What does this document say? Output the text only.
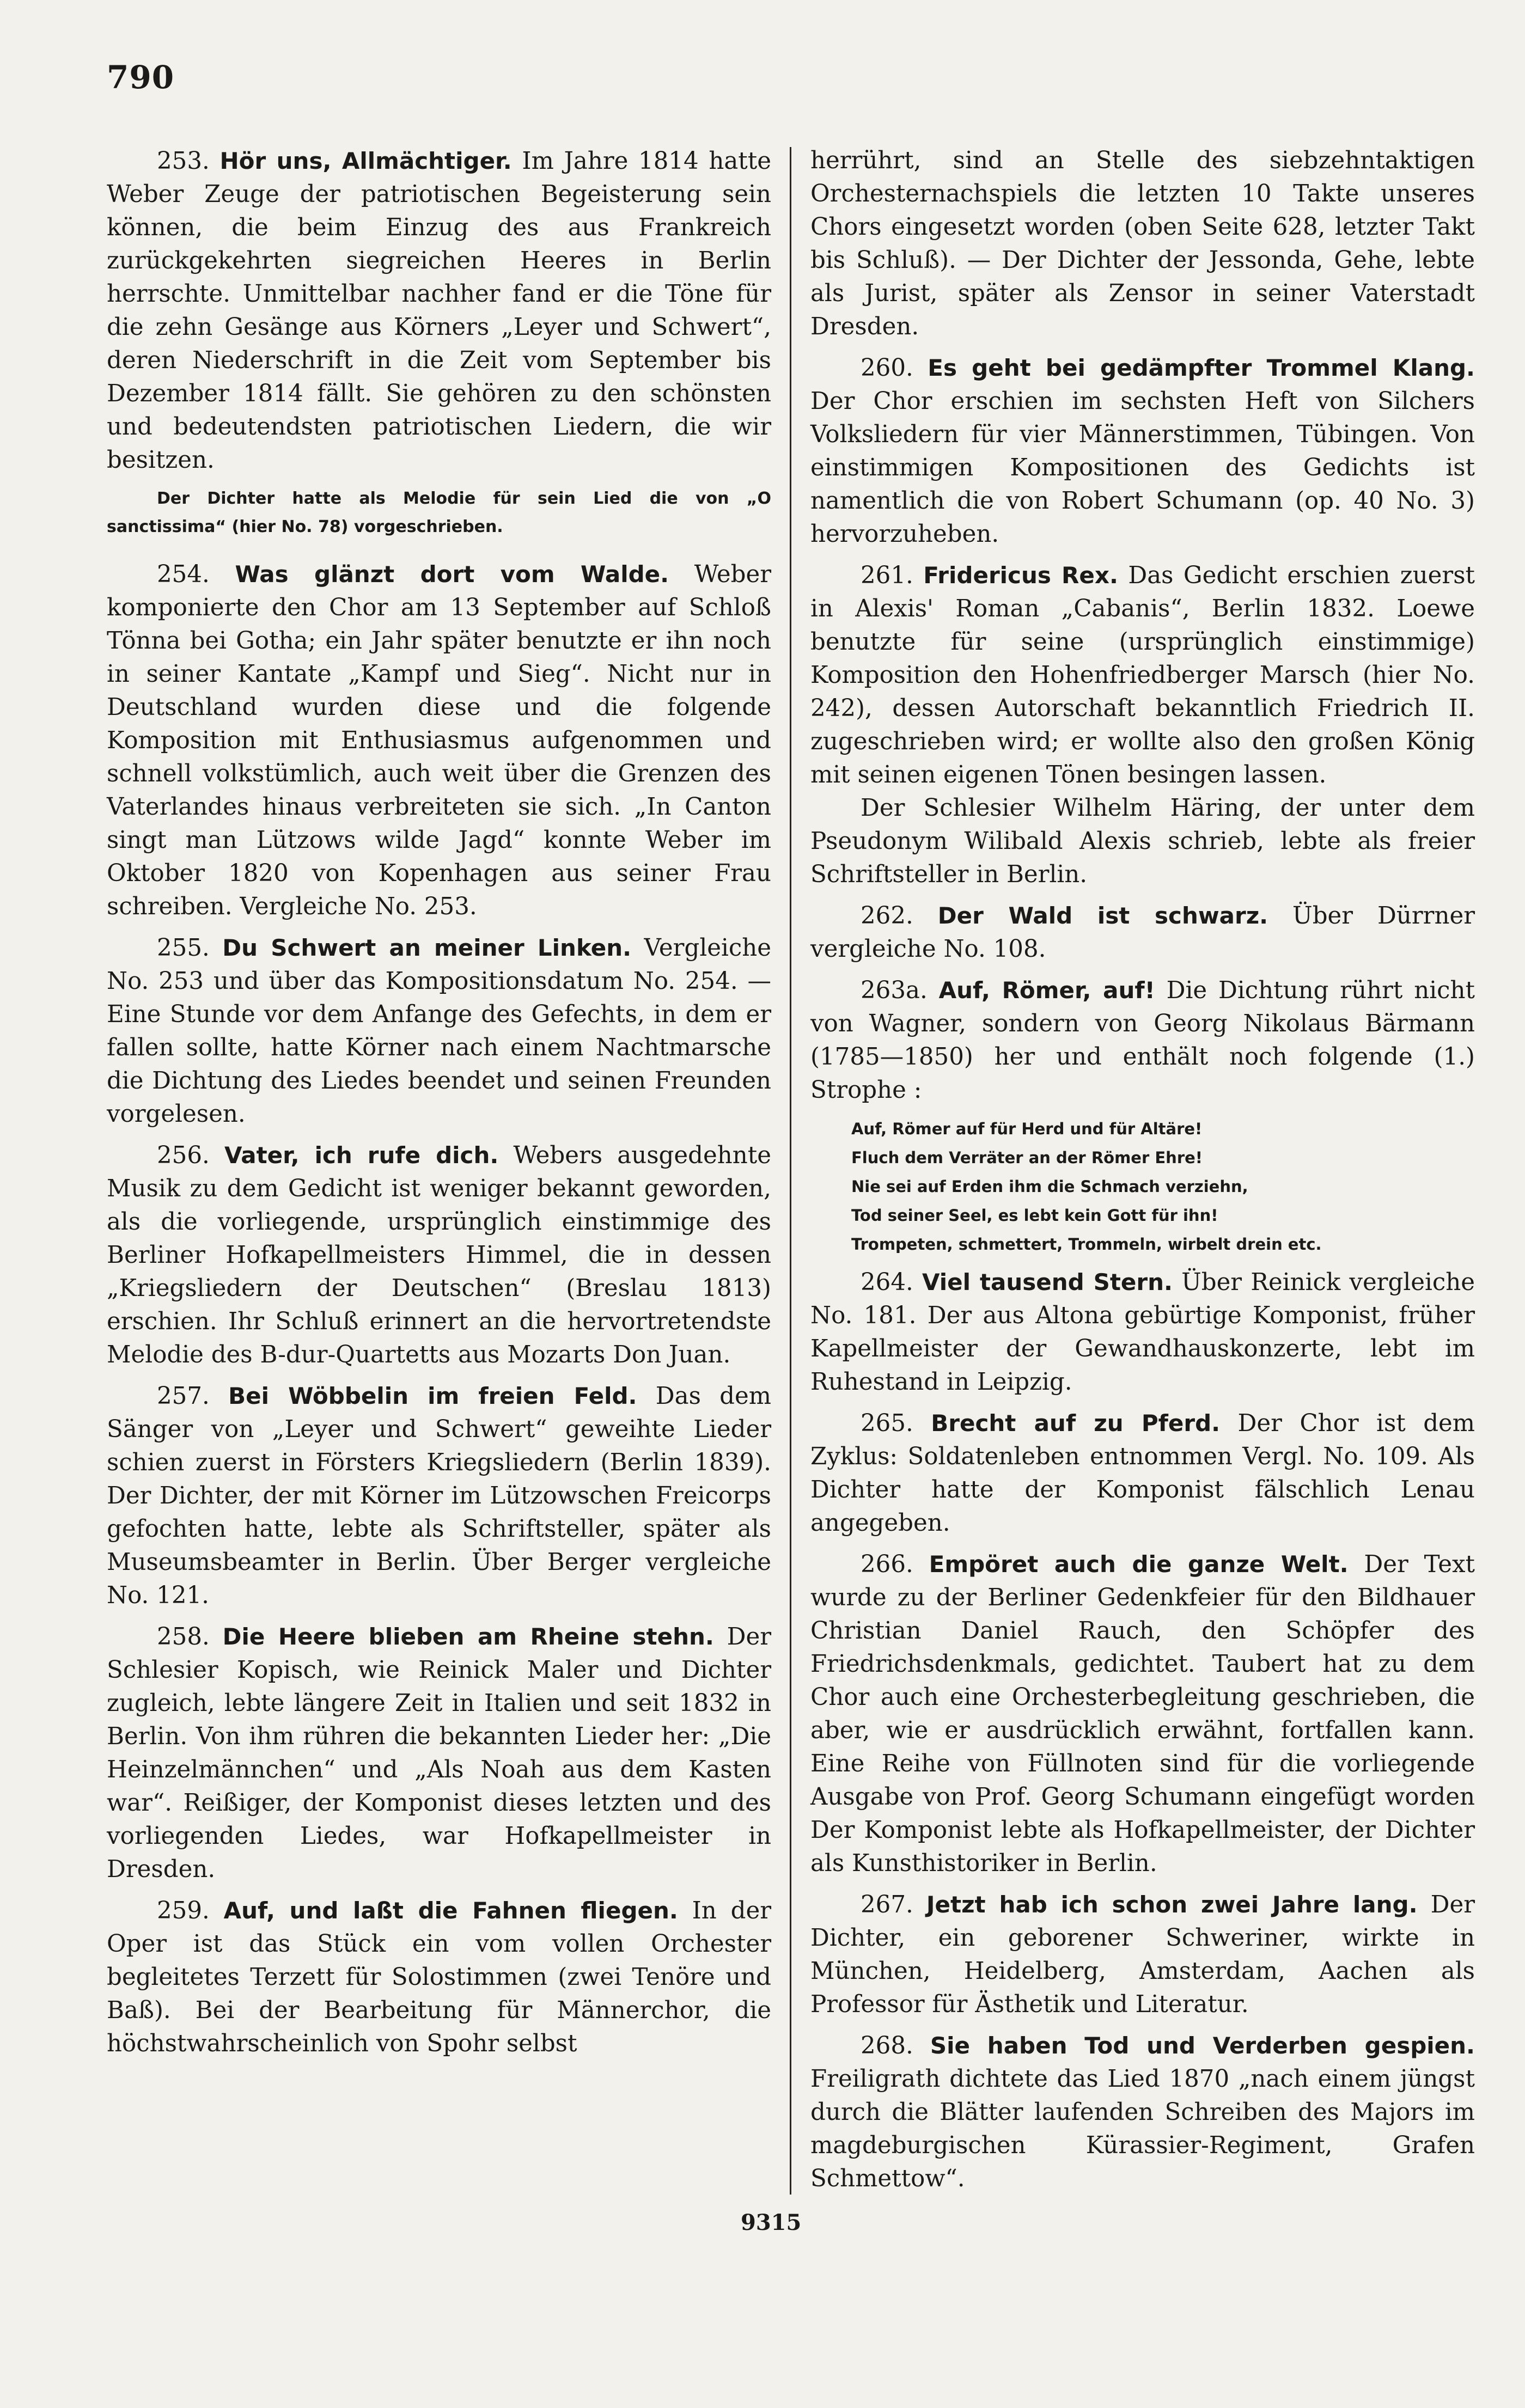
790

253. Hör uns, Allmächtiger. Im Jahre 1814 hatte Weber Zeuge der patriotischen Begeisterung sein können, die beim Einzug des aus Frankreich zurückgekehrten siegreichen Heeres in Berlin herrschte. Unmittelbar nachher fand er die Töne für die zehn Gesänge aus Körners „Leyer und Schwert“, deren Niederschrift in die Zeit vom September bis Dezember 1814 fällt. Sie gehören zu den schönsten und bedeutendsten patriotischen Liedern, die wir besitzen.

Der Dichter hatte als Melodie für sein Lied die von „O sanctissima“ (hier No. 78) vorgeschrieben.

254. Was glänzt dort vom Walde. Weber komponierte den Chor am 13 September auf Schloß Tönna bei Gotha; ein Jahr später benutzte er ihn noch in seiner Kantate „Kampf und Sieg“. Nicht nur in Deutschland wurden diese und die folgende Komposition mit Enthusiasmus aufgenommen und schnell volkstümlich, auch weit über die Grenzen des Vaterlandes hinaus verbreiteten sie sich. „In Canton singt man Lützows wilde Jagd“ konnte Weber im Oktober 1820 von Kopenhagen aus seiner Frau schreiben. Vergleiche No. 253.

255. Du Schwert an meiner Linken. Vergleiche No. 253 und über das Kompositionsdatum No. 254. — Eine Stunde vor dem Anfange des Gefechts, in dem er fallen sollte, hatte Körner nach einem Nachtmarsche die Dichtung des Liedes beendet und seinen Freunden vorgelesen.

256. Vater, ich rufe dich. Webers ausgedehnte Musik zu dem Gedicht ist weniger bekannt geworden, als die vorliegende, ursprünglich einstimmige des Berliner Hofkapellmeisters Himmel, die in dessen „Kriegsliedern der Deutschen“ (Breslau 1813) erschien. Ihr Schluß erinnert an die hervortretendste Melodie des B-dur-Quartetts aus Mozarts Don Juan.

257. Bei Wöbbelin im freien Feld. Das dem Sänger von „Leyer und Schwert“ geweihte Lieder schien zuerst in Försters Kriegsliedern (Berlin 1839). Der Dichter, der mit Körner im Lützowschen Freicorps gefochten hatte, lebte als Schriftsteller, später als Museumsbeamter in Berlin. Über Berger vergleiche No. 121.

258. Die Heere blieben am Rheine stehn. Der Schlesier Kopisch, wie Reinick Maler und Dichter zugleich, lebte längere Zeit in Italien und seit 1832 in Berlin. Von ihm rühren die bekannten Lieder her: „Die Heinzelmännchen“ und „Als Noah aus dem Kasten war“. Reißiger, der Komponist dieses letzten und des vorliegenden Liedes, war Hofkapellmeister in Dresden.

259. Auf, und laßt die Fahnen fliegen. In der Oper ist das Stück ein vom vollen Orchester begleitetes Terzett für Solostimmen (zwei Tenöre und Baß). Bei der Bearbeitung für Männerchor, die höchstwahrscheinlich von Spohr selbst

herrührt, sind an Stelle des siebzehntaktigen Orchesternachspiels die letzten 10 Takte unseres Chors eingesetzt worden (oben Seite 628, letzter Takt bis Schluß). — Der Dichter der Jessonda, Gehe, lebte als Jurist, später als Zensor in seiner Vaterstadt Dresden.

260. Es geht bei gedämpfter Trommel Klang. Der Chor erschien im sechsten Heft von Silchers Volksliedern für vier Männerstimmen, Tübingen. Von einstimmigen Kompositionen des Gedichts ist namentlich die von Robert Schumann (op. 40 No. 3) hervorzuheben.

261. Fridericus Rex. Das Gedicht erschien zuerst in Alexis' Roman „Cabanis“, Berlin 1832. Loewe benutzte für seine (ursprünglich einstimmige) Komposition den Hohenfriedberger Marsch (hier No. 242), dessen Autorschaft bekanntlich Friedrich II. zugeschrieben wird; er wollte also den großen König mit seinen eigenen Tönen besingen lassen.

Der Schlesier Wilhelm Häring, der unter dem Pseudonym Wilibald Alexis schrieb, lebte als freier Schriftsteller in Berlin.

262. Der Wald ist schwarz. Über Dürrner vergleiche No. 108.

263a. Auf, Römer, auf! Die Dichtung rührt nicht von Wagner, sondern von Georg Nikolaus Bärmann (1785—1850) her und enthält noch folgende (1.) Strophe :

Auf, Römer auf für Herd und für Altäre!
Fluch dem Verräter an der Römer Ehre!
Nie sei auf Erden ihm die Schmach verziehn,
Tod seiner Seel, es lebt kein Gott für ihn!
Trompeten, schmettert, Trommeln, wirbelt drein etc.

264. Viel tausend Stern. Über Reinick vergleiche No. 181. Der aus Altona gebürtige Komponist, früher Kapellmeister der Gewandhauskonzerte, lebt im Ruhestand in Leipzig.

265. Brecht auf zu Pferd. Der Chor ist dem Zyklus: Soldatenleben entnommen Vergl. No. 109. Als Dichter hatte der Komponist fälschlich Lenau angegeben.

266. Empöret auch die ganze Welt. Der Text wurde zu der Berliner Gedenkfeier für den Bildhauer Christian Daniel Rauch, den Schöpfer des Friedrichsdenkmals, gedichtet. Taubert hat zu dem Chor auch eine Orchesterbegleitung geschrieben, die aber, wie er ausdrücklich erwähnt, fortfallen kann. Eine Reihe von Füllnoten sind für die vorliegende Ausgabe von Prof. Georg Schumann eingefügt worden Der Komponist lebte als Hofkapellmeister, der Dichter als Kunsthistoriker in Berlin.

267. Jetzt hab ich schon zwei Jahre lang. Der Dichter, ein geborener Schweriner, wirkte in München, Heidelberg, Amsterdam, Aachen als Professor für Ästhetik und Literatur.

268. Sie haben Tod und Verderben gespien. Freiligrath dichtete das Lied 1870 „nach einem jüngst durch die Blätter laufenden Schreiben des Majors im magdeburgischen Kürassier-Regiment, Grafen Schmettow“.

9315
